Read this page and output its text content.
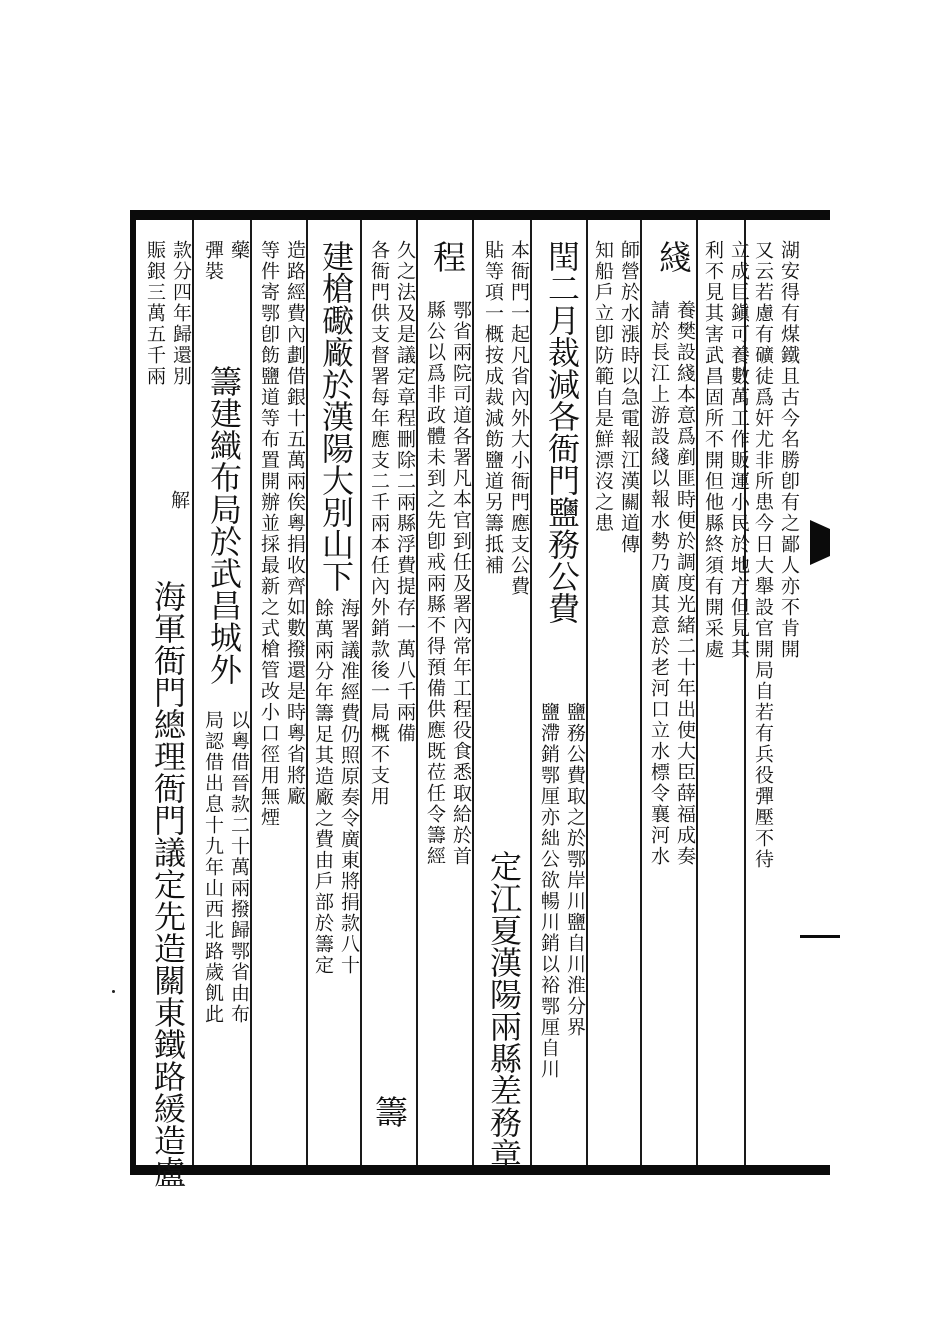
湖安得有煤鐵且古今名勝卽有之鄙人亦不肯開
又云若慮有礦徒爲奸尤非所患今日大舉設官開局自若有兵役彈壓不待
立成巨鎭可養數萬工作販運小民於地方但見其
利不見其害武昌固所不開但他縣終須有開采處
綫
養樊設綫本意爲剷匪時便於調度光緒二十年出使大臣薛福成奏
請於長江上游設綫以報水勢乃廣其意於老河口立水標令襄河水
師營於水漲時以急電報江漢關道傳
知船戶立卽防範自是鮮漂沒之患
閏二月裁減各衙門鹽務公費
鹽務公費取之於鄂岸川鹽自川淮分界
鹽滯銷鄂厘亦絀公欲暢川銷以裕鄂厘自川
本衙門一起凡省內外大小衙門應支公費
貼等項一概按成裁減飭鹽道另籌抵補
定江夏漢陽兩縣差務章
程
鄂省兩院司道各署凡本官到任及署內常年工程役食悉取給於首
縣公以爲非政體未到之先卽戒兩縣不得預備供應既莅任令籌經
久之法及是議定章程刪除二兩縣浮費提存一萬八千兩備
各衙門供支督署每年應支二千兩本任內外銷款後一局概不支用
籌
建槍礮廠於漢陽大別山下
海署議准經費仍照原奏令廣東將捐款八十
餘萬兩分年籌足其造廠之費由戶部於籌定
造路經費內劃借銀十五萬兩俟粵捐收齊如數撥還是時粵省將廠
等件寄鄂卽飭鹽道等布置開辦並採最新之式槍管改小口徑用無煙
藥
彈裝
籌建織布局於武昌城外
以粵借晉款二十萬兩撥歸鄂省由布
局認借出息十九年山西北路歲飢此
款分四年歸還別
賑銀三萬五千兩
解
海軍衙門總理衙門議定先造關東鐵路緩造盧
